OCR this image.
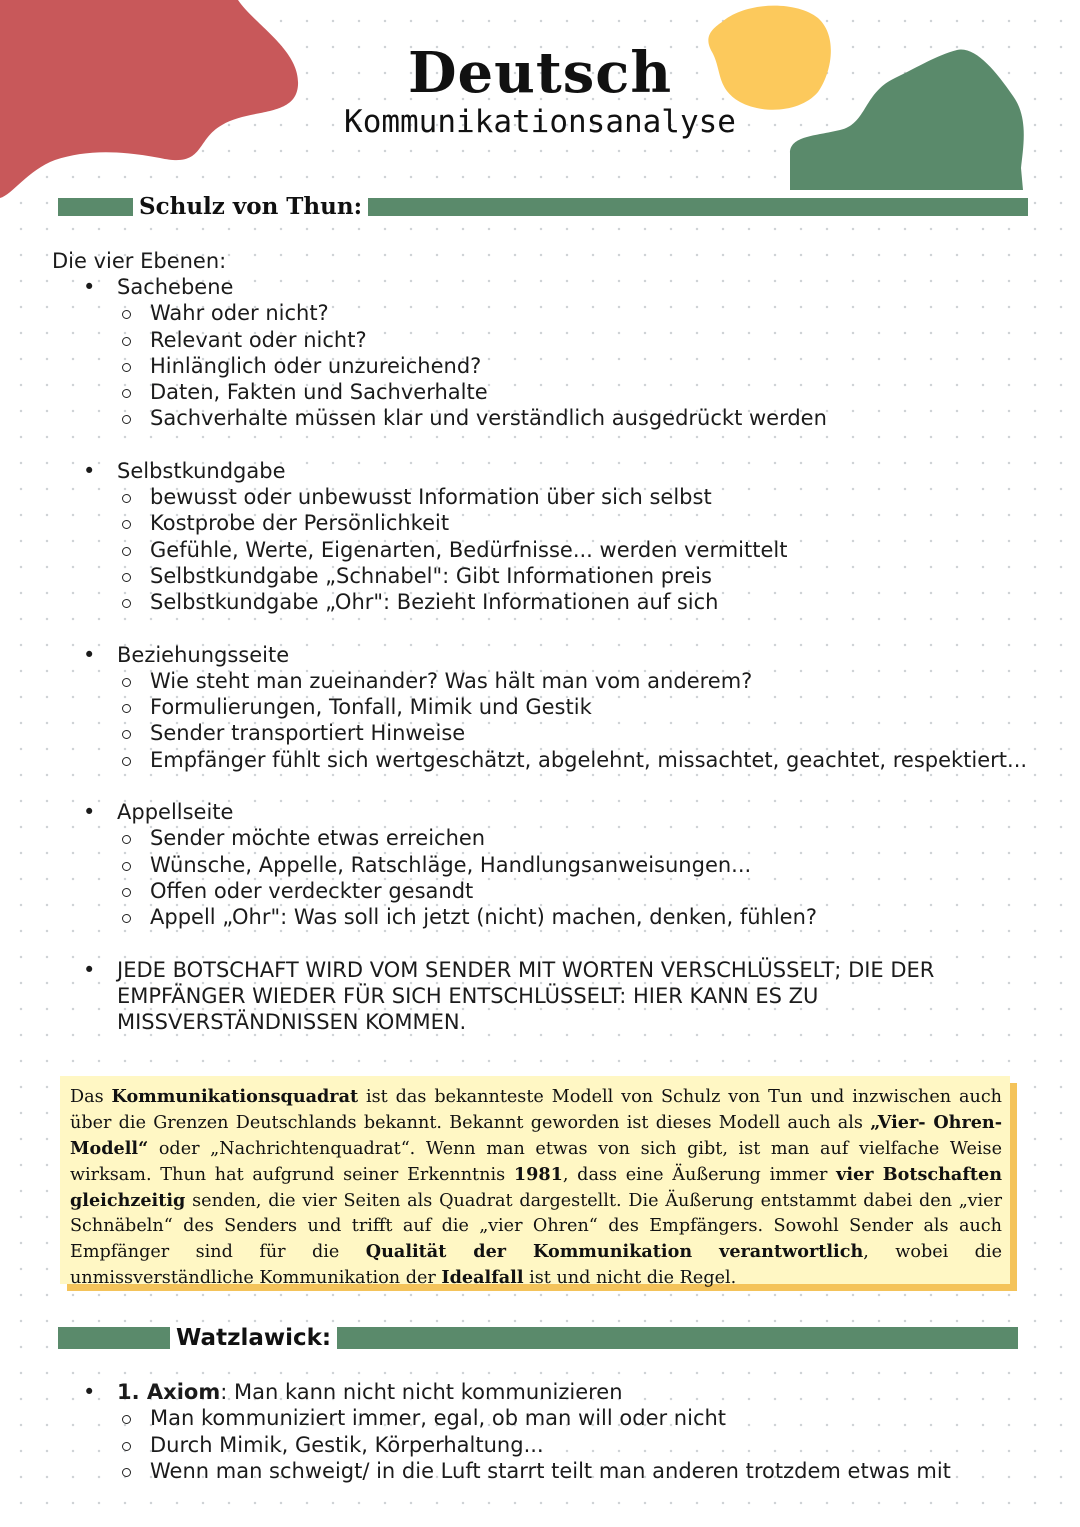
Deutsch
Kommunikationsanalyse
Schulz von Thun:
Die vier Ebenen:
• Sachebene
Wahr oder nicht?
Relevant oder nicht?
Hinlänglich oder unzureichend?
Daten, Fakten und Sachverhalte
Sachverhalte müssen klar und verständlich ausgedrückt werden
• Selbstkundgabe
bewusst oder unbewusst Information über sich selbst
Kostprobe der Persönlichkeit
Gefühle, Werte, Eigenarten, Bedürfnisse... werden vermittelt
Selbstkundgabe „Schnabel": Gibt Informationen preis
Selbstkundgabe „Ohr": Bezieht Informationen auf sich
• Beziehungsseite
Wie steht man zueinander? Was hält man vom anderem?
Formulierungen, Tonfall, Mimik und Gestik
Sender transportiert Hinweise
Empfänger fühlt sich wertgeschätzt, abgelehnt, missachtet, geachtet, respektiert...
• Appellseite
Sender möchte etwas erreichen
Wünsche, Appelle, Ratschläge, Handlungsanweisungen...
Offen oder verdeckter gesandt
Appell „Ohr": Was soll ich jetzt (nicht) machen, denken, fühlen?
• JEDE BOTSCHAFT WIRD VOM SENDER MIT WORTEN VERSCHLÜSSELT; DIE DER EMPFÄNGER WIEDER FÜR SICH ENTSCHLÜSSELT: HIER KANN ES ZU MISSVERSTÄNDNISSEN KOMMEN.
Das Kommunikationsquadrat ist das bekannteste Modell von Schulz von Tun und inzwischen auch über die Grenzen Deutschlands bekannt. Bekannt geworden ist dieses Modell auch als „Vier- Ohren- Modell“ oder „Nachrichtenquadrat“. Wenn man etwas von sich gibt, ist man auf vielfache Weise wirksam. Thun hat aufgrund seiner Erkenntnis 1981, dass eine Äußerung immer vier Botschaften gleichzeitig senden, die vier Seiten als Quadrat dargestellt. Die Äußerung entstammt dabei den „vier Schnäbeln“ des Senders und trifft auf die „vier Ohren“ des Empfängers. Sowohl Sender als auch Empfänger sind für die Qualität der Kommunikation verantwortlich, wobei die unmissverständliche Kommunikation der Idealfall ist und nicht die Regel.
Watzlawick:
• 1. Axiom: Man kann nicht nicht kommunizieren
Man kommuniziert immer, egal, ob man will oder nicht
Durch Mimik, Gestik, Körperhaltung...
Wenn man schweigt/ in die Luft starrt teilt man anderen trotzdem etwas mit
